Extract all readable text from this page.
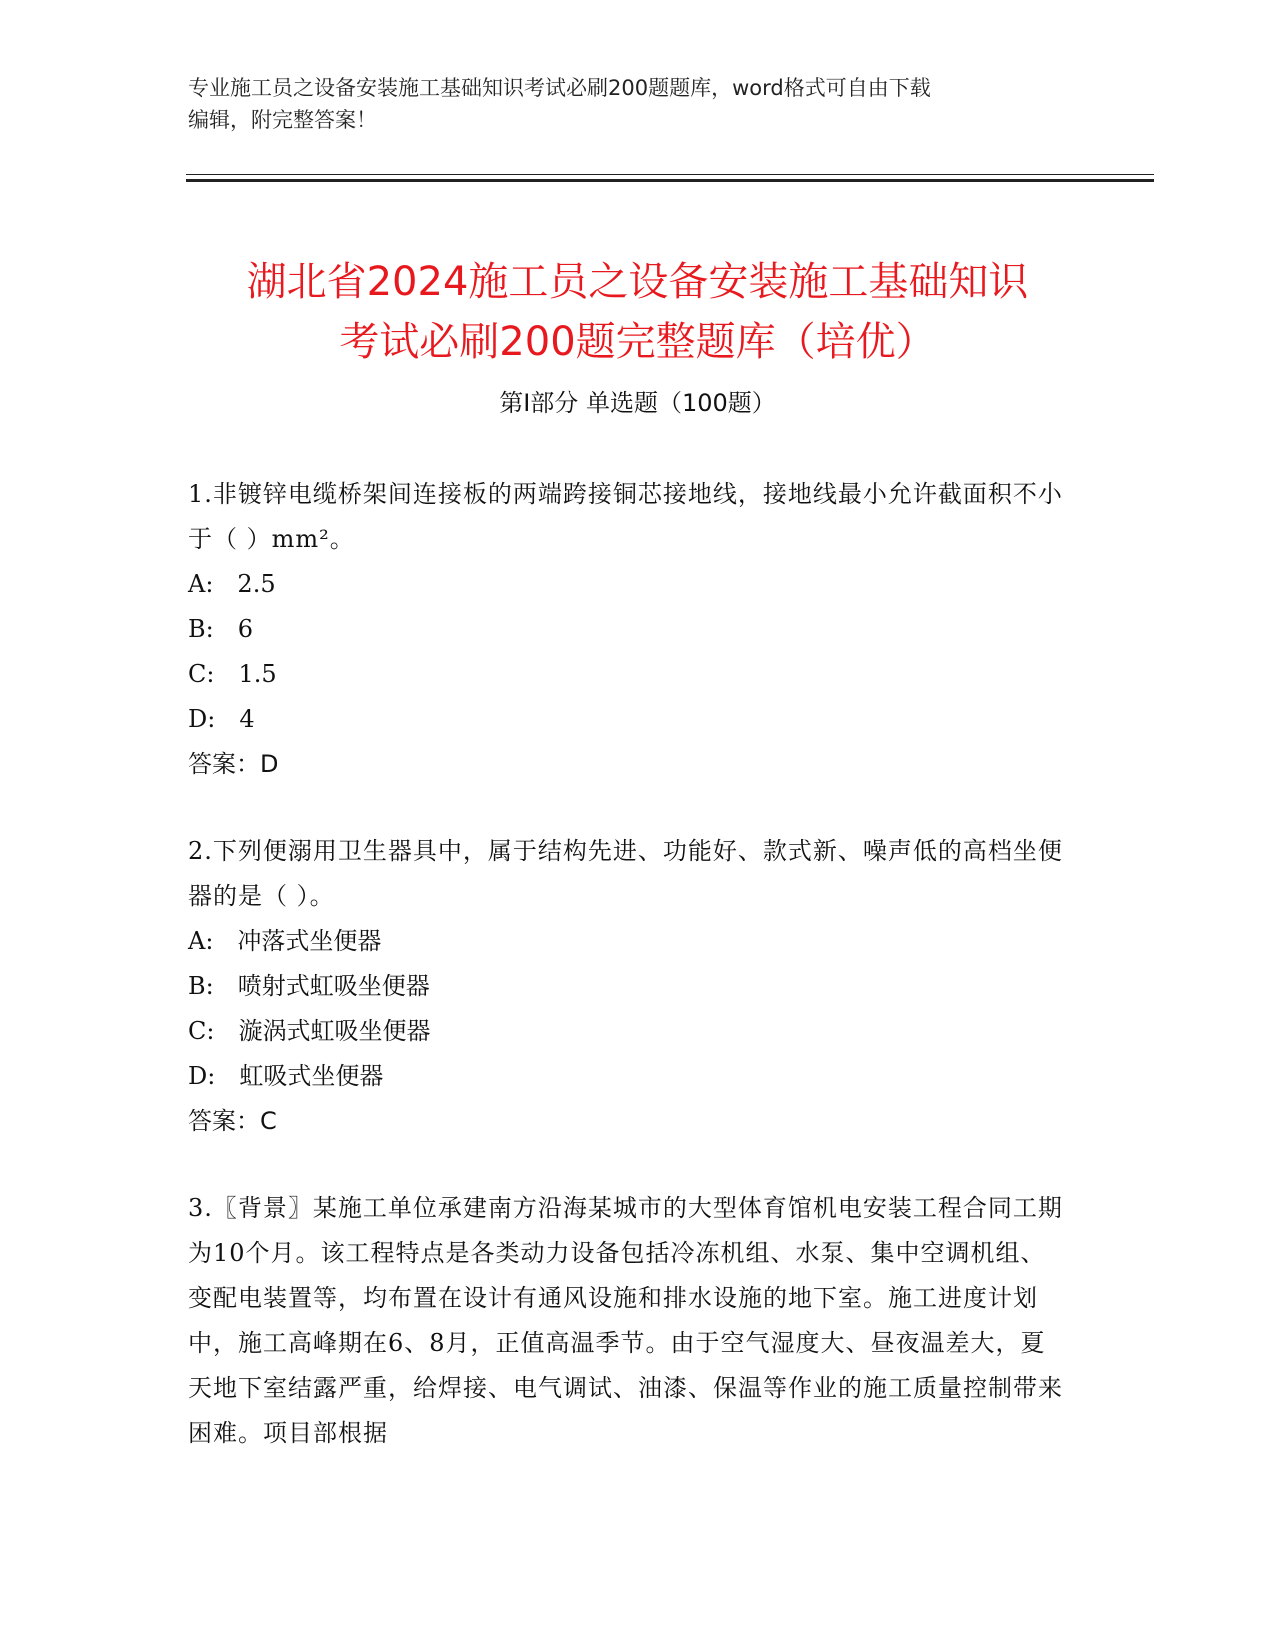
专业施工员之设备安装施工基础知识考试必刷200题题库，word格式可自由下载
编辑，附完整答案！
湖北省2024施工员之设备安装施工基础知识
考试必刷200题完整题库（培优）
第Ⅰ部分 单选题（100题）
1.非镀锌电缆桥架间连接板的两端跨接铜芯接地线，接地线最小允许截面积不小于（ ）mm²。
A: 2.5
B: 6
C: 1.5
D: 4
答案：D
2.下列便溺用卫生器具中，属于结构先进、功能好、款式新、噪声低的高档坐便器的是（ ）。
A: 冲落式坐便器
B: 喷射式虹吸坐便器
C: 漩涡式虹吸坐便器
D: 虹吸式坐便器
答案：C
3.〖背景〗某施工单位承建南方沿海某城市的大型体育馆机电安装工程合同工期为10个月。该工程特点是各类动力设备包括冷冻机组、水泵、集中空调机组、变配电装置等，均布置在设计有通风设施和排水设施的地下室。施工进度计划中，施工高峰期在6、8月，正值高温季节。由于空气湿度大、昼夜温差大，夏天地下室结露严重，给焊接、电气调试、油漆、保温等作业的施工质量控制带来困难。项目部根据
